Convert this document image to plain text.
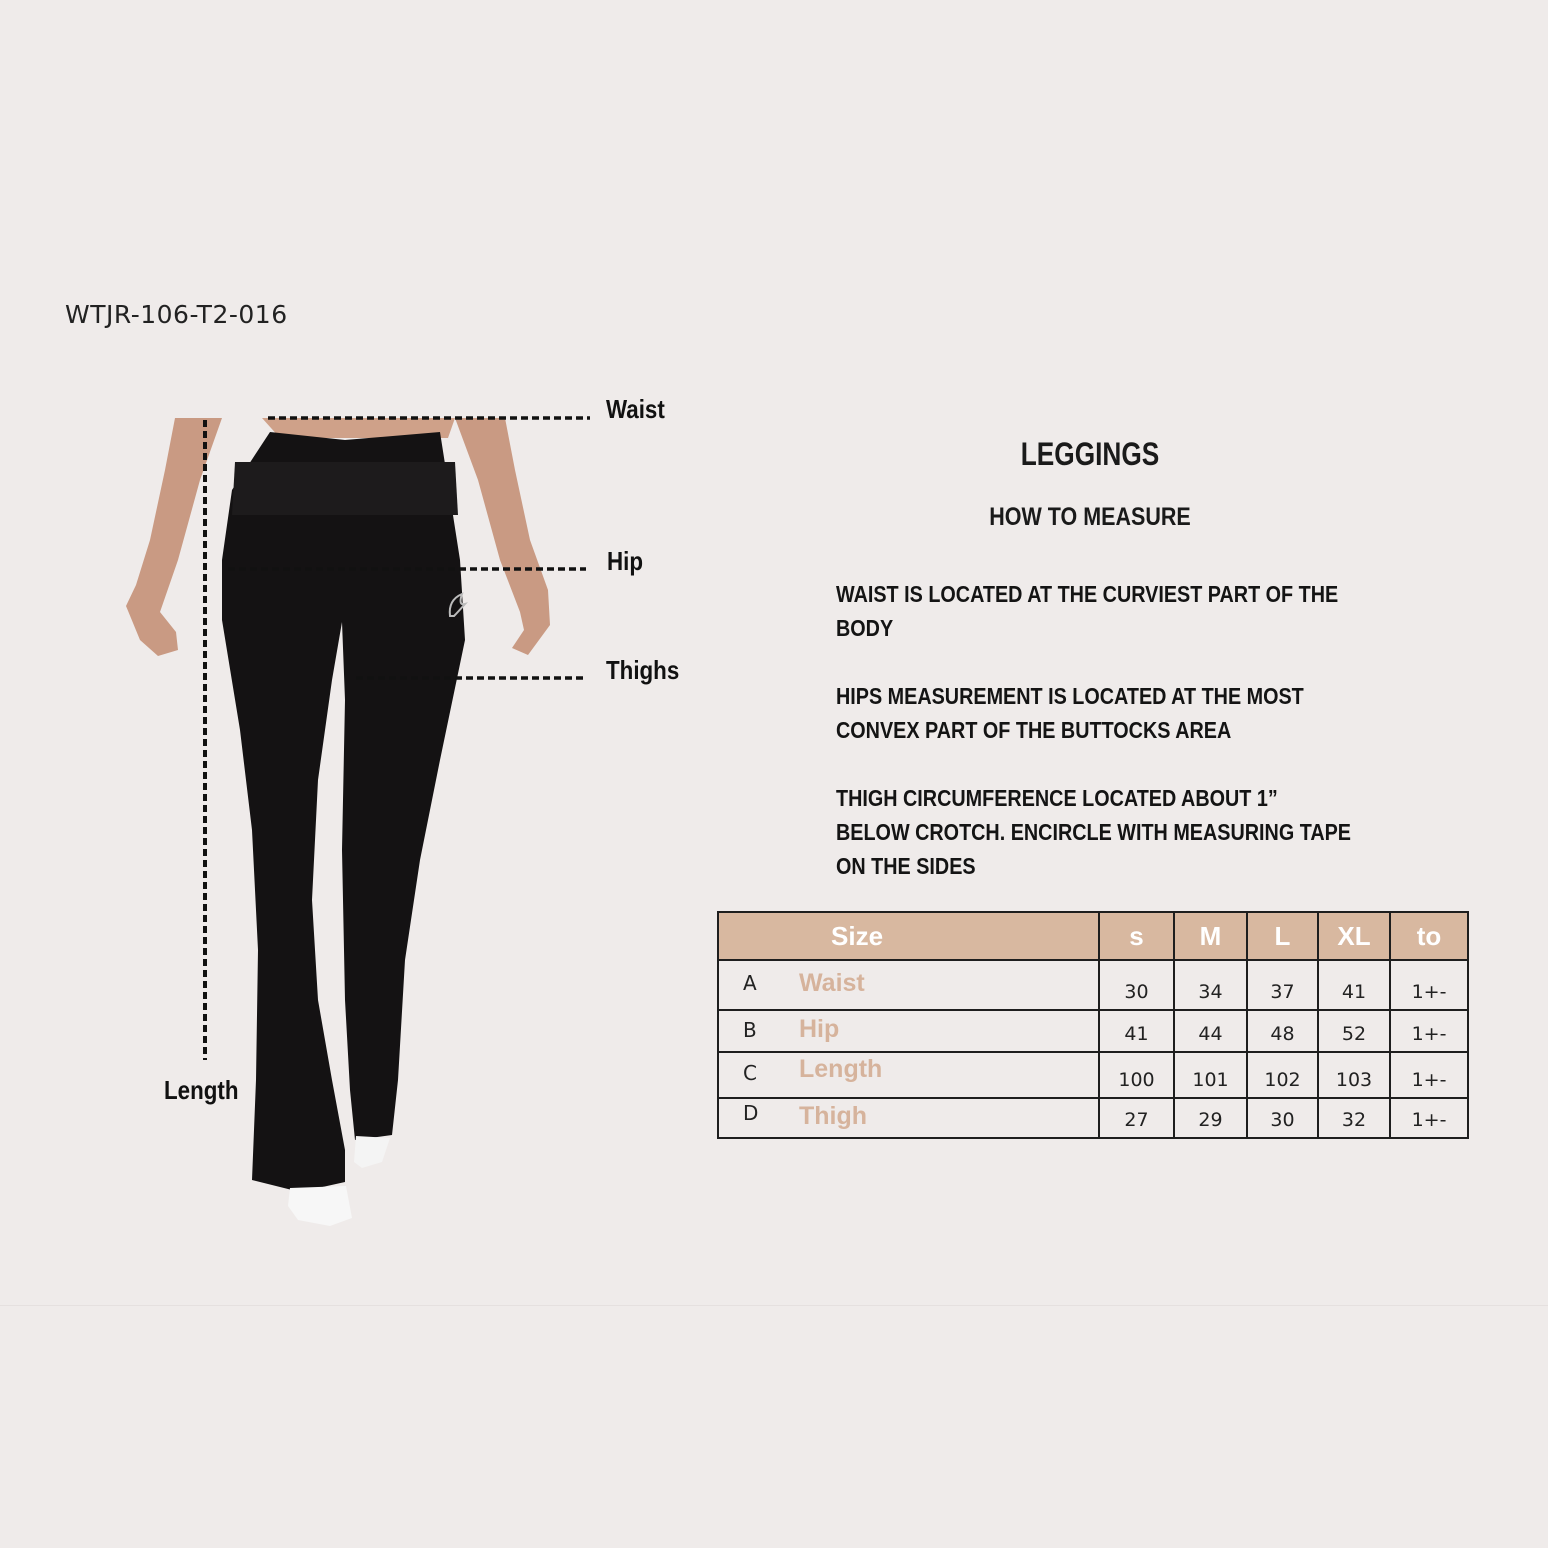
WTJR-106-T2-016
Waist
Hip
Thighs
Length
LEGGINGS
HOW TO MEASURE

WAIST IS LOCATED AT THE CURVIEST PART OF THE BODY

HIPS MEASUREMENT IS LOCATED AT THE MOST CONVEX PART OF THE BUTTOCKS AREA

THIGH CIRCUMFERENCE LOCATED ABOUT 1” BELOW CROTCH. ENCIRCLE WITH MEASURING TAPE ON THE SIDES

Size	s	M	L	XL	to

A Waist	30	34	37	41	1+-

B Hip	41	44	48	52	1+-

C Length	100	101	102	103	1+-

D Thigh	27	29	30	32	1+-
